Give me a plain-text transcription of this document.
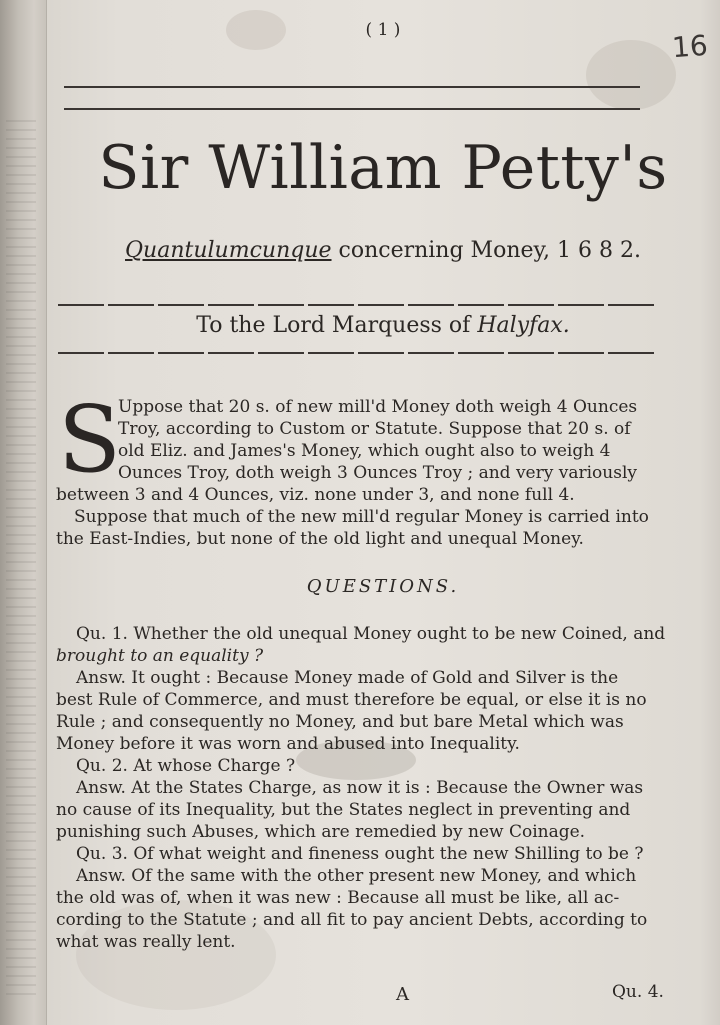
( 1 )	16
Sir William Petty's
Quantulumcunque concerning Money, 1 6 8 2.
To the Lord Marquess of Halyfax.
S
Uppose that 20 s. of new mill'd Money doth weigh 4 Ounces
Troy, according to Custom or Statute. Suppose that 20 s. of
old Eliz. and James's Money, which ought also to weigh 4
Ounces Troy, doth weigh 3 Ounces Troy ; and very variously
between 3 and 4 Ounces, viz. none under 3, and none full 4.
Suppose that much of the new mill'd regular Money is carried into
the East-Indies, but none of the old light and unequal Money.
QUESTIONS.
Qu. 1. Whether the old unequal Money ought to be new Coined, and
brought to an equality ?
Answ. It ought : Because Money made of Gold and Silver is the
best Rule of Commerce, and must therefore be equal, or else it is no
Rule ; and consequently no Money, and but bare Metal which was
Money before it was worn and abused into Inequality.
Qu. 2. At whose Charge ?
Answ. At the States Charge, as now it is : Because the Owner was
no cause of its Inequality, but the States neglect in preventing and
punishing such Abuses, which are remedied by new Coinage.
Qu. 3. Of what weight and fineness ought the new Shilling to be ?
Answ. Of the same with the other present new Money, and which
the old was of, when it was new : Because all must be like, all ac-
cording to the Statute ; and all fit to pay ancient Debts, according to
what was really lent.
A	Qu. 4.
